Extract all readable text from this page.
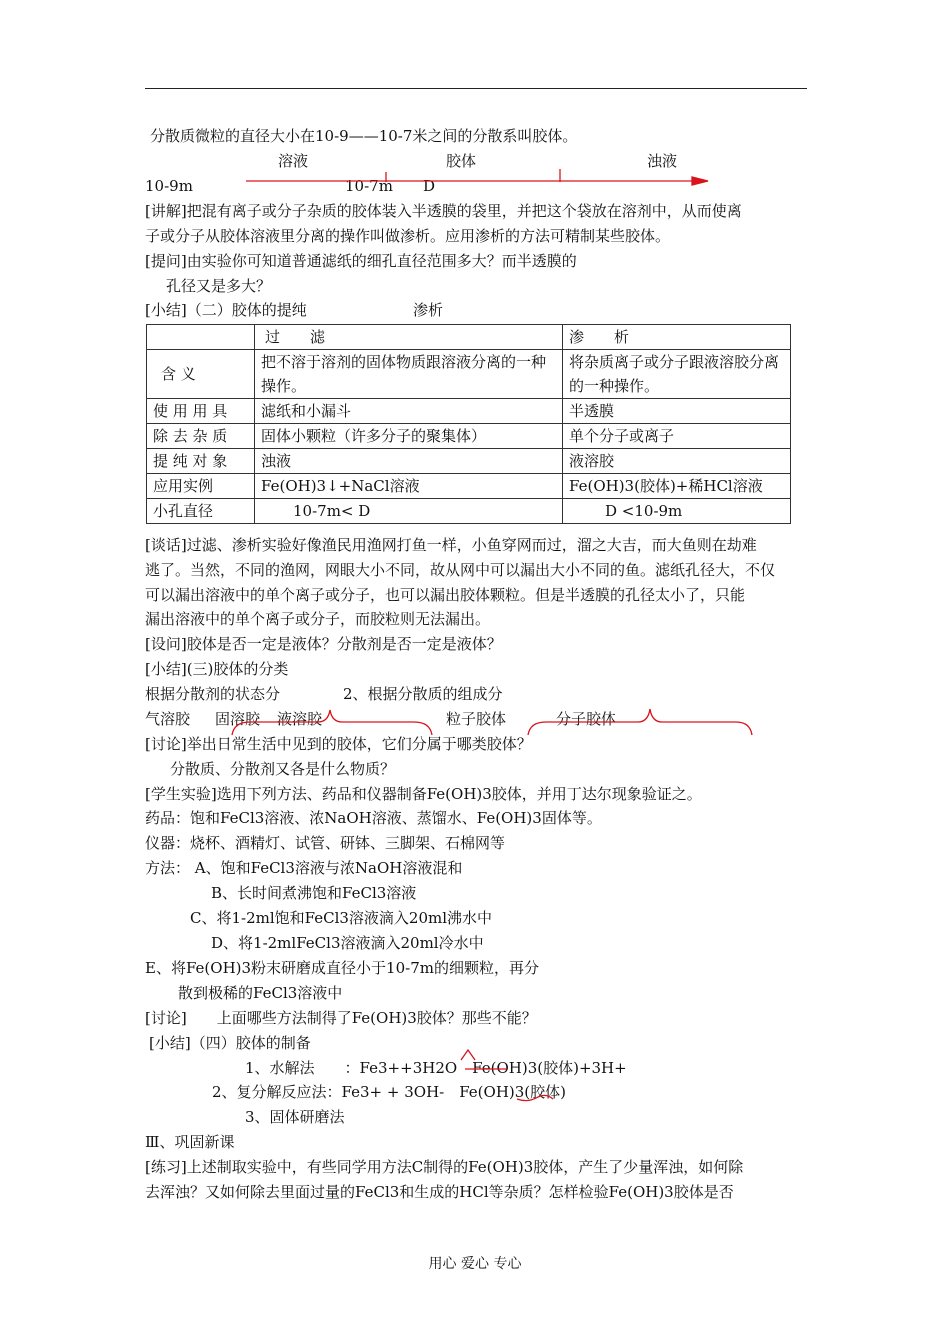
分散质微粒的直径大小在10-9——10-7米之间的分散系叫胶体。
溶液	胶体	浊液
10-9m	10-7m D
[讲解]把混有离子或分子杂质的胶体装入半透膜的袋里，并把这个袋放在溶剂中，从而使离
子或分子从胶体溶液里分离的操作叫做渗析。应用渗析的方法可精制某些胶体。
[提问]由实验你可知道普通滤纸的细孔直径范围多大？而半透膜的
孔径又是多大？
[小结]（二）胶体的提纯	渗析
	过　　滤	渗　　析
含 义	把不溶于溶剂的固体物质跟溶液分离的一种操作。	将杂质离子或分子跟液溶胶分离的一种操作。
使 用 用 具	滤纸和小漏斗	半透膜
除 去 杂 质	固体小颗粒（许多分子的聚集体）	单个分子或离子
提 纯 对 象	浊液	液溶胶
应用实例	Fe(OH)3↓+NaCl溶液	Fe(OH)3(胶体)+稀HCl溶液
小孔直径	10-7m< D	D <10-9m
[谈话]过滤、渗析实验好像渔民用渔网打鱼一样，小鱼穿网而过，溜之大吉，而大鱼则在劫难
逃了。当然，不同的渔网，网眼大小不同，故从网中可以漏出大小不同的鱼。滤纸孔径大，不仅
可以漏出溶液中的单个离子或分子，也可以漏出胶体颗粒。但是半透膜的孔径太小了，只能
漏出溶液中的单个离子或分子，而胶粒则无法漏出。
[设问]胶体是否一定是液体？分散剂是否一定是液体？
[小结](三)胶体的分类
根据分散剂的状态分	2、根据分散质的组成分
气溶胶 固溶胶 液溶胶	粒子胶体	分子胶体
[讨论]举出日常生活中见到的胶体，它们分属于哪类胶体？
分散质、分散剂又各是什么物质？
[学生实验]选用下列方法、药品和仪器制备Fe(OH)3胶体，并用丁达尔现象验证之。
药品：饱和FeCl3溶液、浓NaOH溶液、蒸馏水、Fe(OH)3固体等。
仪器：烧杯、酒精灯、试管、研钵、三脚架、石棉网等
方法： A、饱和FeCl3溶液与浓NaOH溶液混和
B、长时间煮沸饱和FeCl3溶液
C、将1-2ml饱和FeCl3溶液滴入20ml沸水中
D、将1-2mlFeCl3溶液滴入20ml冷水中
E、将Fe(OH)3粉末研磨成直径小于10-7m的细颗粒，再分
散到极稀的FeCl3溶液中
[讨论]　　上面哪些方法制得了Fe(OH)3胶体？那些不能？
[小结]（四）胶体的制备
1、水解法　　：Fe3++3H2O　Fe(OH)3(胶体)+3H+
2、复分解反应法：Fe3+ + 3OH-　Fe(OH)3(胶体)
3、固体研磨法
Ⅲ、巩固新课
[练习]上述制取实验中，有些同学用方法C制得的Fe(OH)3胶体，产生了少量浑浊，如何除
去浑浊？又如何除去里面过量的FeCl3和生成的HCl等杂质？怎样检验Fe(OH)3胶体是否
用心 爱心 专心
